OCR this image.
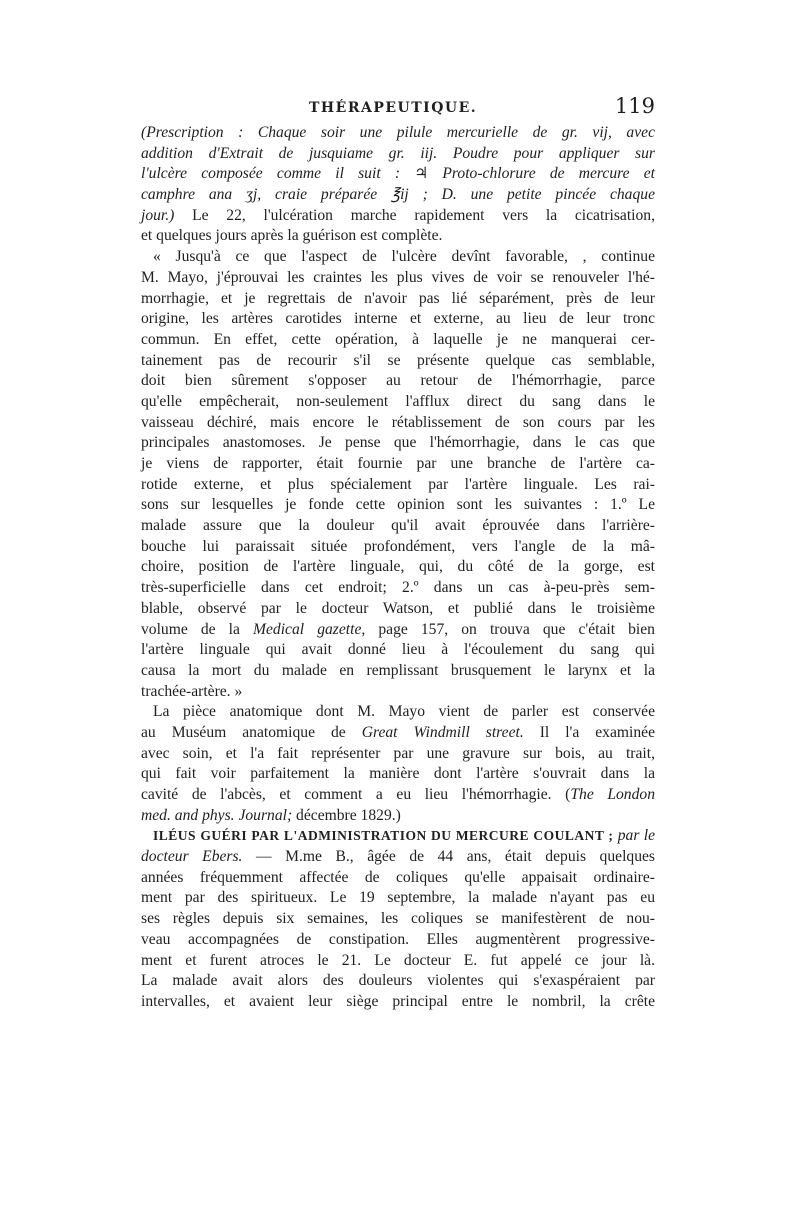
THÉRAPEUTIQUE.	119
(Prescription : Chaque soir une pilule mercurielle de gr. vij, avec
addition d'Extrait de jusquiame gr. iij. Poudre pour appliquer sur
l'ulcère composée comme il suit : ♃ Proto-chlorure de mercure et
camphre ana ʒj, craie préparée ℥ij ; D. une petite pincée chaque
jour.) Le 22, l'ulcération marche rapidement vers la cicatrisation,
et quelques jours après la guérison est complète.
« Jusqu'à ce que l'aspect de l'ulcère devînt favorable, , continue
M. Mayo, j'éprouvai les craintes les plus vives de voir se renouveler l'hé-
morrhagie, et je regrettais de n'avoir pas lié séparément, près de leur
origine, les artères carotides interne et externe, au lieu de leur tronc
commun. En effet, cette opération, à laquelle je ne manquerai cer-
tainement pas de recourir s'il se présente quelque cas semblable,
doit bien sûrement s'opposer au retour de l'hémorrhagie, parce
qu'elle empêcherait, non-seulement l'afflux direct du sang dans le
vaisseau déchiré, mais encore le rétablissement de son cours par les
principales anastomoses. Je pense que l'hémorrhagie, dans le cas que
je viens de rapporter, était fournie par une branche de l'artère ca-
rotide externe, et plus spécialement par l'artère linguale. Les rai-
sons sur lesquelles je fonde cette opinion sont les suivantes : 1.º Le
malade assure que la douleur qu'il avait éprouvée dans l'arrière-
bouche lui paraissait située profondément, vers l'angle de la mâ-
choire, position de l'artère linguale, qui, du côté de la gorge, est
très-superficielle dans cet endroit; 2.º dans un cas à-peu-près sem-
blable, observé par le docteur Watson, et publié dans le troisième
volume de la Medical gazette, page 157, on trouva que c'était bien
l'artère linguale qui avait donné lieu à l'écoulement du sang qui
causa la mort du malade en remplissant brusquement le larynx et la
trachée-artère. »
La pièce anatomique dont M. Mayo vient de parler est conservée
au Muséum anatomique de Great Windmill street. Il l'a examinée
avec soin, et l'a fait représenter par une gravure sur bois, au trait,
qui fait voir parfaitement la manière dont l'artère s'ouvrait dans la
cavité de l'abcès, et comment a eu lieu l'hémorrhagie. (The London
med. and phys. Journal; décembre 1829.)
ILÉUS GUÉRI PAR L'ADMINISTRATION DU MERCURE COULANT ; par le
docteur Ebers. — M.me B., âgée de 44 ans, était depuis quelques
années fréquemment affectée de coliques qu'elle appaisait ordinaire-
ment par des spiritueux. Le 19 septembre, la malade n'ayant pas eu
ses règles depuis six semaines, les coliques se manifestèrent de nou-
veau accompagnées de constipation. Elles augmentèrent progressive-
ment et furent atroces le 21. Le docteur E. fut appelé ce jour là.
La malade avait alors des douleurs violentes qui s'exaspéraient par
intervalles, et avaient leur siège principal entre le nombril, la crête
